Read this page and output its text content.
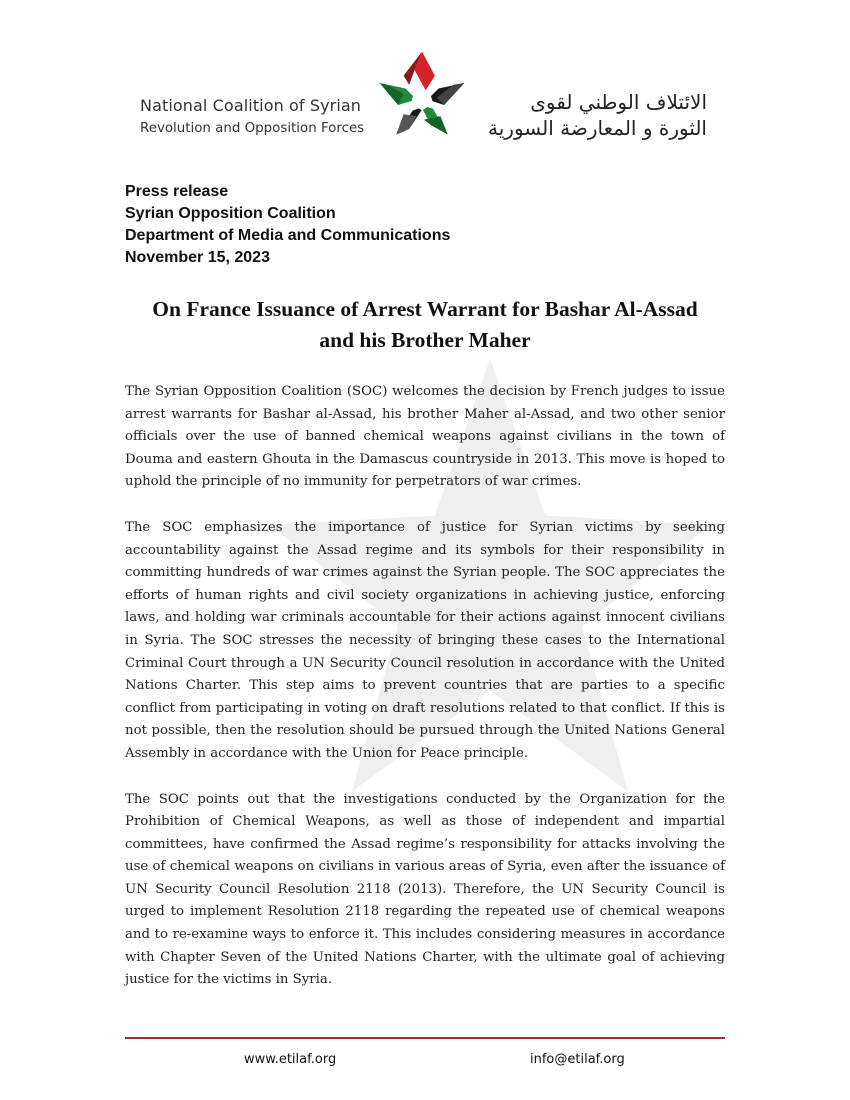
National Coalition of Syrian
Revolution and Opposition Forces
الائتلاف الوطني لقوى
الثورة و المعارضة السورية
Press release
Syrian Opposition Coalition
Department of Media and Communications
November 15, 2023
On France Issuance of Arrest Warrant for Bashar Al-Assad
and his Brother Maher

The Syrian Opposition Coalition (SOC) welcomes the decision by French judges to issue arrest warrants for Bashar al-Assad, his brother Maher al-Assad, and two other senior officials over the use of banned chemical weapons against civilians in the town of Douma and eastern Ghouta in the Damascus countryside in 2013. This move is hoped to uphold the principle of no immunity for perpetrators of war crimes.

The SOC emphasizes the importance of justice for Syrian victims by seeking accountability against the Assad regime and its symbols for their responsibility in committing hundreds of war crimes against the Syrian people. The SOC appreciates the efforts of human rights and civil society organizations in achieving justice, enforcing laws, and holding war criminals accountable for their actions against innocent civilians in Syria. The SOC stresses the necessity of bringing these cases to the International Criminal Court through a UN Security Council resolution in accordance with the United Nations Charter. This step aims to prevent countries that are parties to a specific conflict from participating in voting on draft resolutions related to that conflict. If this is not possible, then the resolution should be pursued through the United Nations General Assembly in accordance with the Union for Peace principle.

The SOC points out that the investigations conducted by the Organization for the Prohibition of Chemical Weapons, as well as those of independent and impartial committees, have confirmed the Assad regime’s responsibility for attacks involving the use of chemical weapons on civilians in various areas of Syria, even after the issuance of UN Security Council Resolution 2118 (2013). Therefore, the UN Security Council is urged to implement Resolution 2118 regarding the repeated use of chemical weapons and to re-examine ways to enforce it. This includes considering measures in accordance with Chapter Seven of the United Nations Charter, with the ultimate goal of achieving justice for the victims in Syria.

www.etilaf.org	info@etilaf.org
